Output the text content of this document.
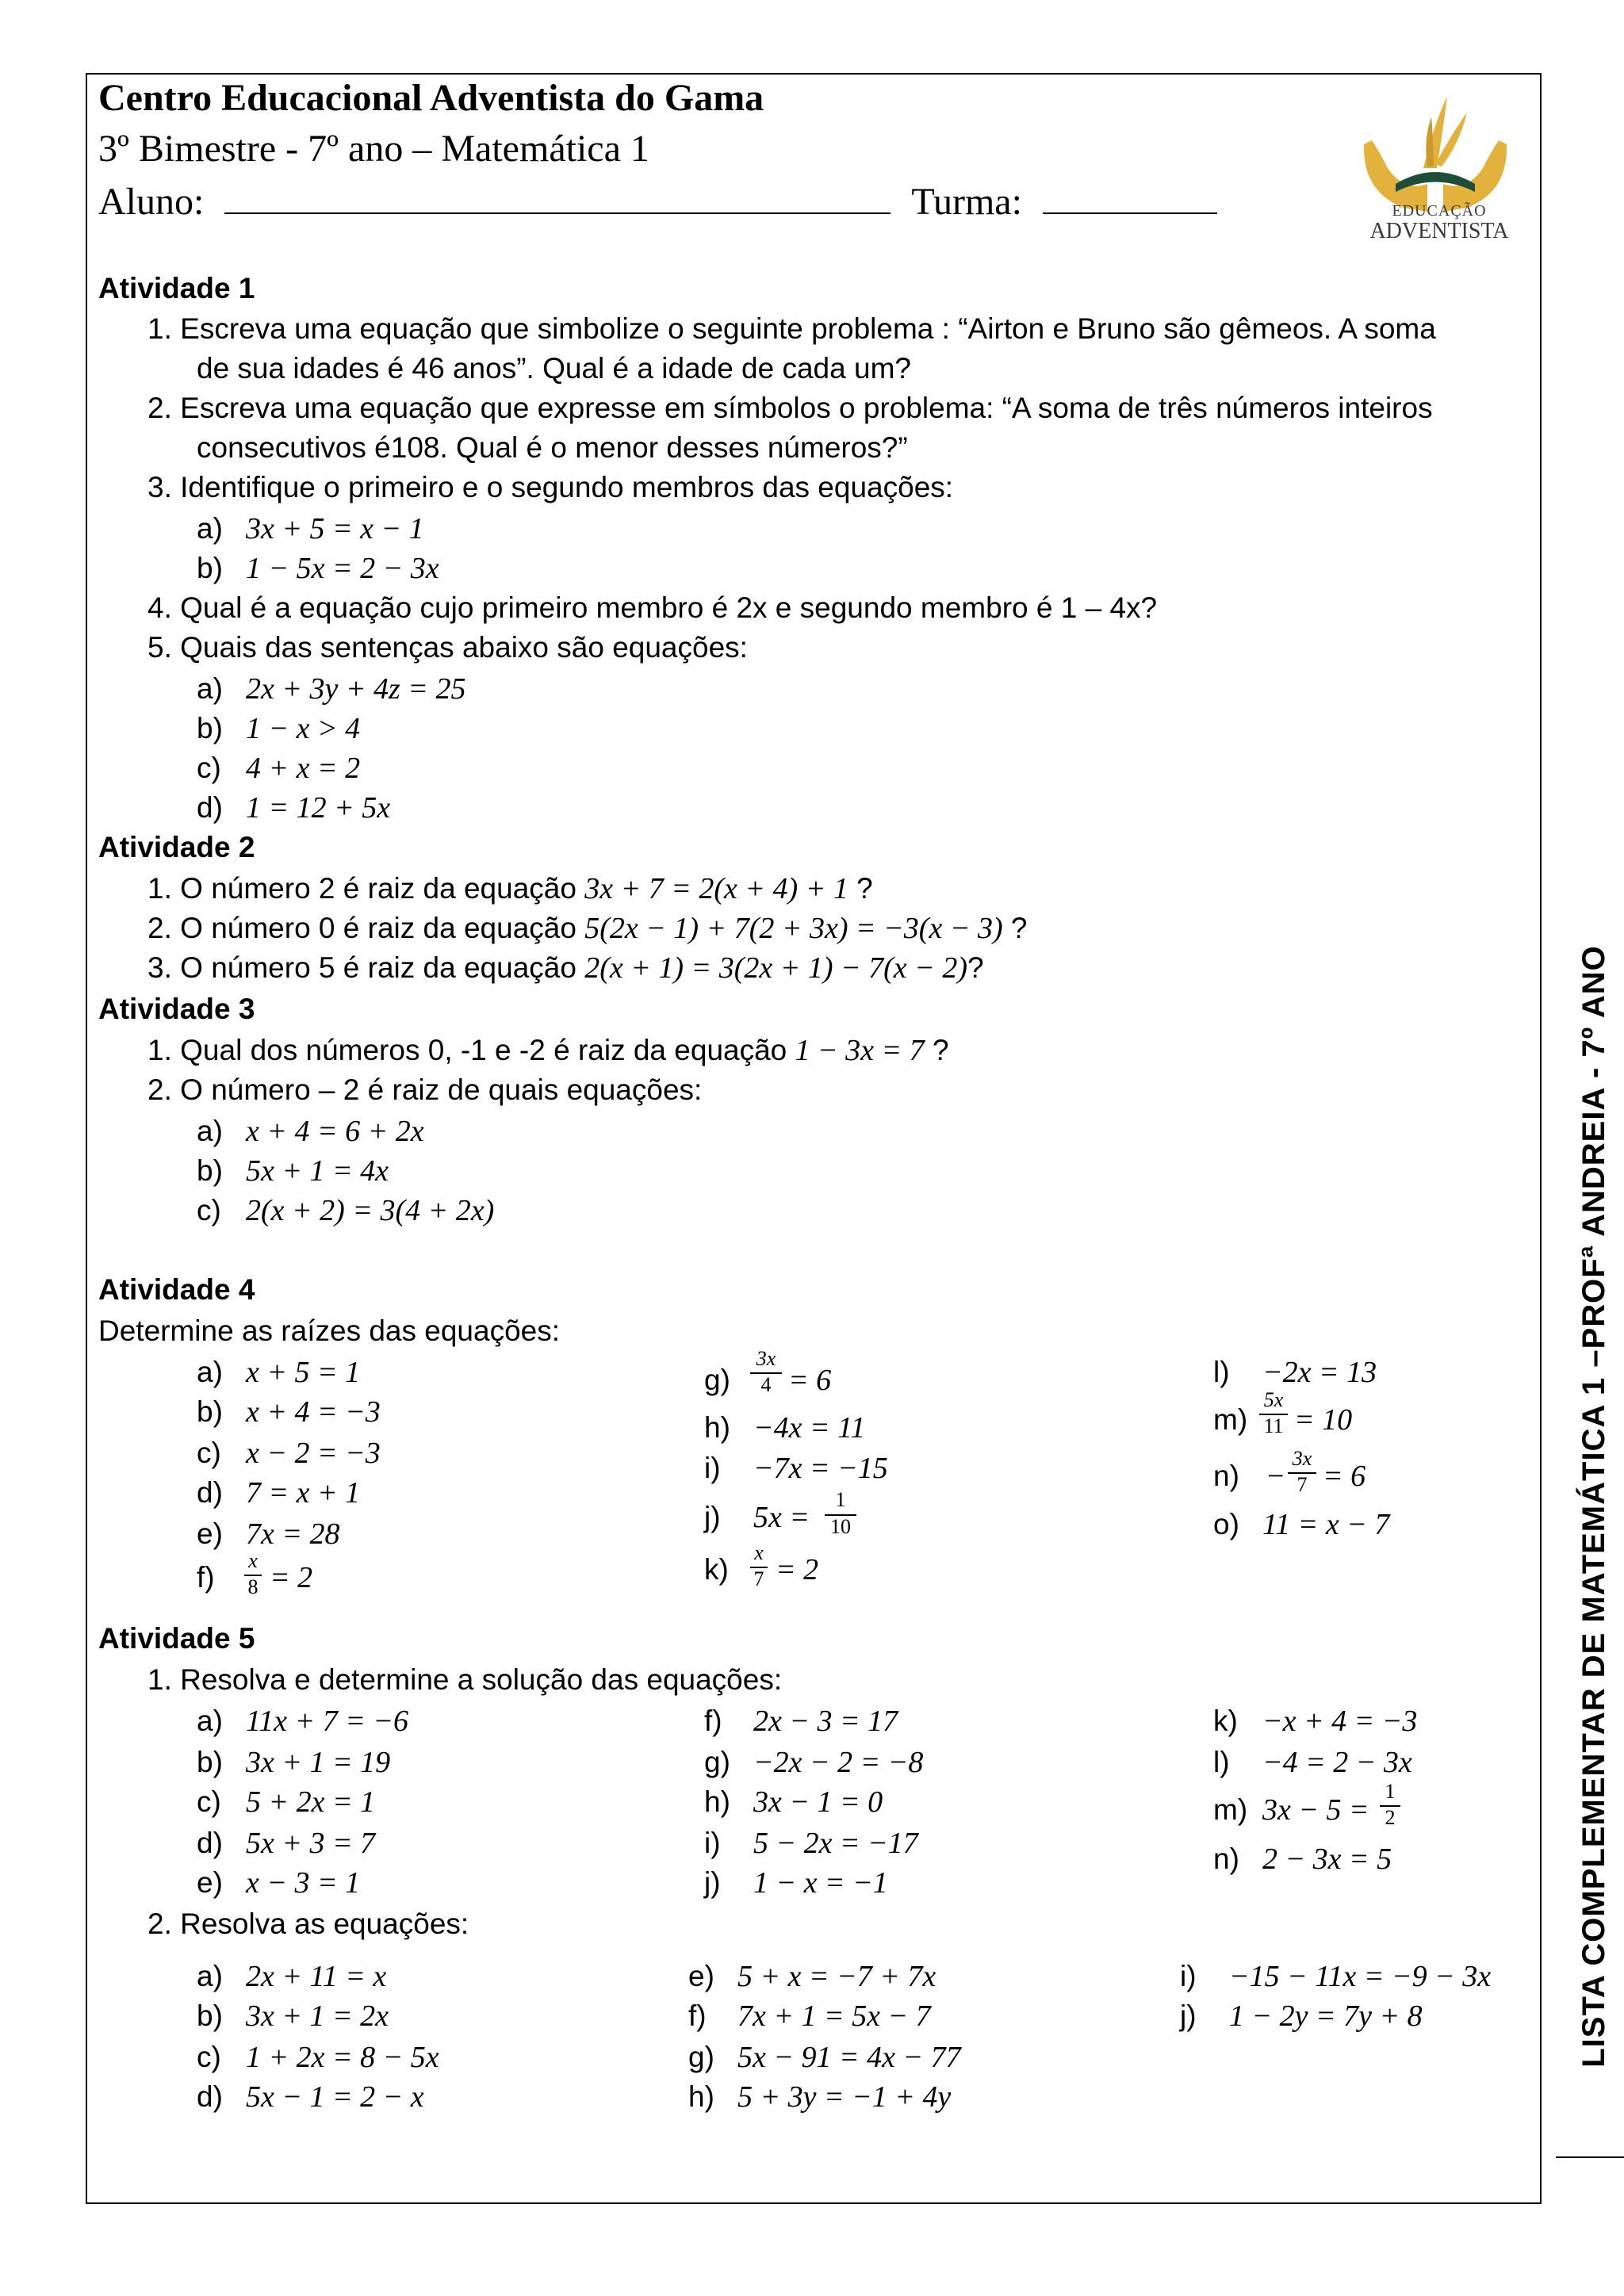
Centro Educacional Adventista do Gama
3º Bimestre - 7º ano – Matemática 1
Aluno:	Turma:	EDUCAÇÃO
ADVENTISTA
Atividade 1
1. Escreva uma equação que simbolize o seguinte problema : “Airton e Bruno são gêmeos. A soma
de sua idades é 46 anos”. Qual é a idade de cada um?
2. Escreva uma equação que expresse em símbolos o problema: “A soma de três números inteiros
consecutivos é108. Qual é o menor desses números?”
3. Identifique o primeiro e o segundo membros das equações:
a) 3x + 5 = x − 1
b) 1 − 5x = 2 − 3x
4. Qual é a equação cujo primeiro membro é 2x e segundo membro é 1 – 4x?
5. Quais das sentenças abaixo são equações:
a) 2x + 3y + 4z = 25
b) 1 − x > 4
c) 4 + x = 2
d) 1 = 12 + 5x
Atividade 2
1. O número 2 é raiz da equação 3x + 7 = 2(x + 4) + 1 ?
2. O número 0 é raiz da equação 5(2x − 1) + 7(2 + 3x) = −3(x − 3) ?
3. O número 5 é raiz da equação 2(x + 1) = 3(2x + 1) − 7(x − 2)?
Atividade 3
1. Qual dos números 0, -1 e -2 é raiz da equação 1 − 3x = 7 ?
2. O número – 2 é raiz de quais equações:
a) x + 4 = 6 + 2x
b) 5x + 1 = 4x
c) 2(x + 2) = 3(4 + 2x)
Atividade 4
Determine as raízes das equações:
a) x + 5 = 1
b) x + 4 = −3
c) x − 2 = −3
d) 7 = x + 1
e) 7x = 28
f)
x
8 = 2
g)
3x
4 = 6
h) −4x = 11
i) −7x = −15
j) 5x =
1
10
k)
x
7 = 2
l) −2x = 13
m)
5x
11 = 10
n) −
3x
7 = 6
o) 11 = x − 7
Atividade 5
1. Resolva e determine a solução das equações:
a) 11x + 7 = −6
b) 3x + 1 = 19
c) 5 + 2x = 1
d) 5x + 3 = 7
e) x − 3 = 1
f) 2x − 3 = 17
g) −2x − 2 = −8
h) 3x − 1 = 0
i) 5 − 2x = −17
j) 1 − x = −1
k) −x + 4 = −3
l) −4 = 2 − 3x
m) 3x − 5 =
1
2
n) 2 − 3x = 5
2. Resolva as equações:
a) 2x + 11 = x
b) 3x + 1 = 2x
c) 1 + 2x = 8 − 5x
d) 5x − 1 = 2 − x
e) 5 + x = −7 + 7x
f) 7x + 1 = 5x − 7
g) 5x − 91 = 4x − 77
h) 5 + 3y = −1 + 4y
i) −15 − 11x = −9 − 3x
j) 1 − 2y = 7y + 8	LISTA COMPLEMENTAR DE MATEMÁTICA 1 –PROFª ANDREIA - 7º ANO
